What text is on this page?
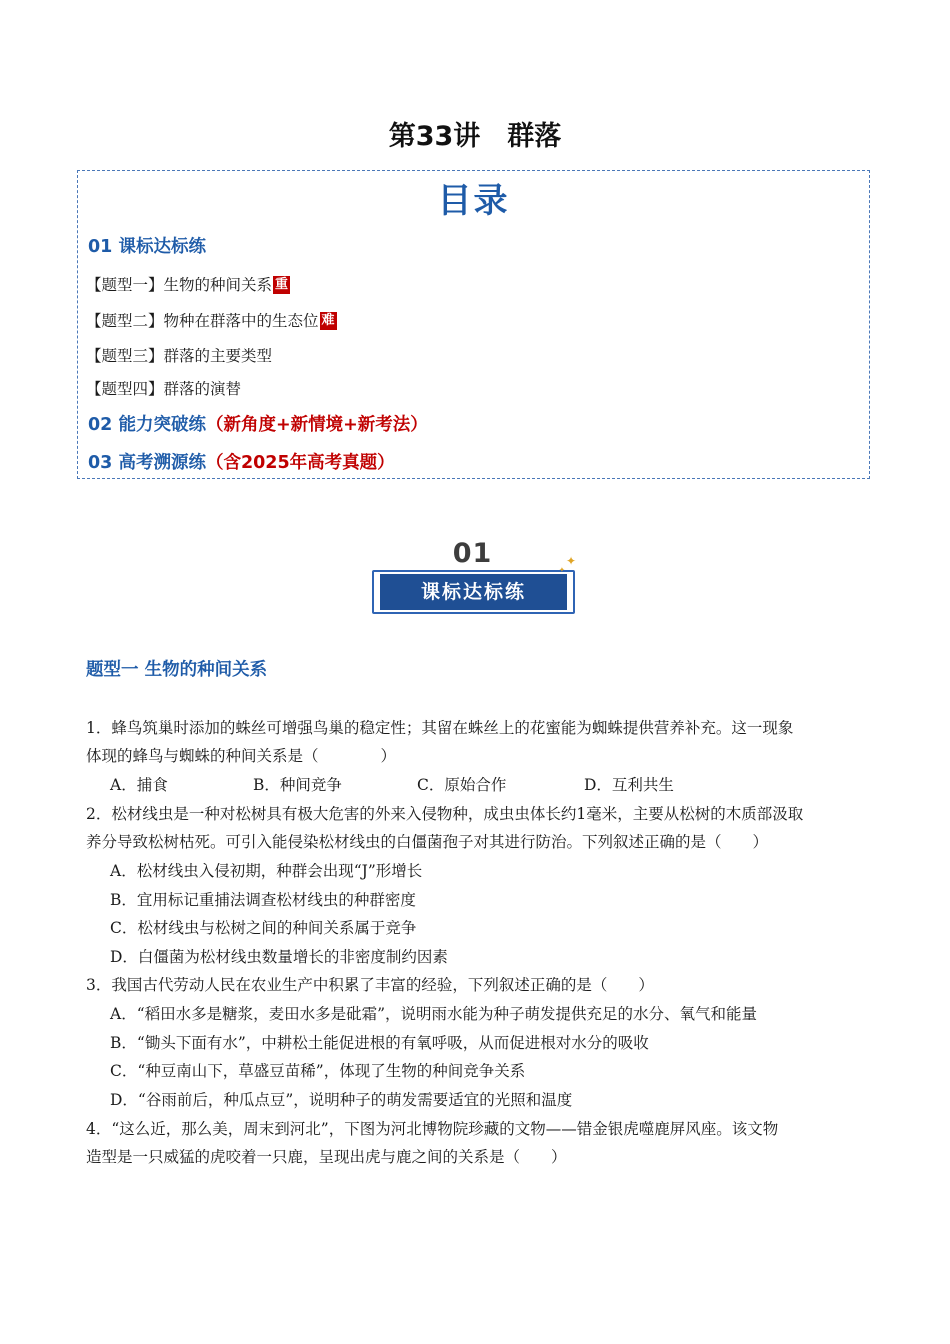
第33讲　群落
目录
01 课标达标练
【题型一】生物的种间关系 重
【题型二】物种在群落中的生态位 难
【题型三】群落的主要类型
【题型四】群落的演替
02 能力突破练（新角度+新情境+新考法）
03 高考溯源练（含2025年高考真题）
01
课标达标练
✦
✦
题型一 生物的种间关系
1．蜂鸟筑巢时添加的蛛丝可增强鸟巢的稳定性；其留在蛛丝上的花蜜能为蜘蛛提供营养补充。这一现象
体现的蜂鸟与蜘蛛的种间关系是（　　　　）
A．捕食	B．种间竞争	C．原始合作	D．互利共生
2．松材线虫是一种对松树具有极大危害的外来入侵物种，成虫虫体长约1毫米，主要从松树的木质部汲取
养分导致松树枯死。可引入能侵染松材线虫的白僵菌孢子对其进行防治。下列叙述正确的是（　　）
A．松材线虫入侵初期，种群会出现“J”形增长
B．宜用标记重捕法调查松材线虫的种群密度
C．松材线虫与松树之间的种间关系属于竞争
D．白僵菌为松材线虫数量增长的非密度制约因素
3．我国古代劳动人民在农业生产中积累了丰富的经验，下列叙述正确的是（　　）
A．“稻田水多是糖浆，麦田水多是砒霜”，说明雨水能为种子萌发提供充足的水分、氧气和能量
B．“锄头下面有水”，中耕松土能促进根的有氧呼吸，从而促进根对水分的吸收
C．“种豆南山下，草盛豆苗稀”，体现了生物的种间竞争关系
D．“谷雨前后，种瓜点豆”，说明种子的萌发需要适宜的光照和温度
4．“这么近，那么美，周末到河北”，下图为河北博物院珍藏的文物——错金银虎噬鹿屏风座。该文物
造型是一只威猛的虎咬着一只鹿，呈现出虎与鹿之间的关系是（　　）
